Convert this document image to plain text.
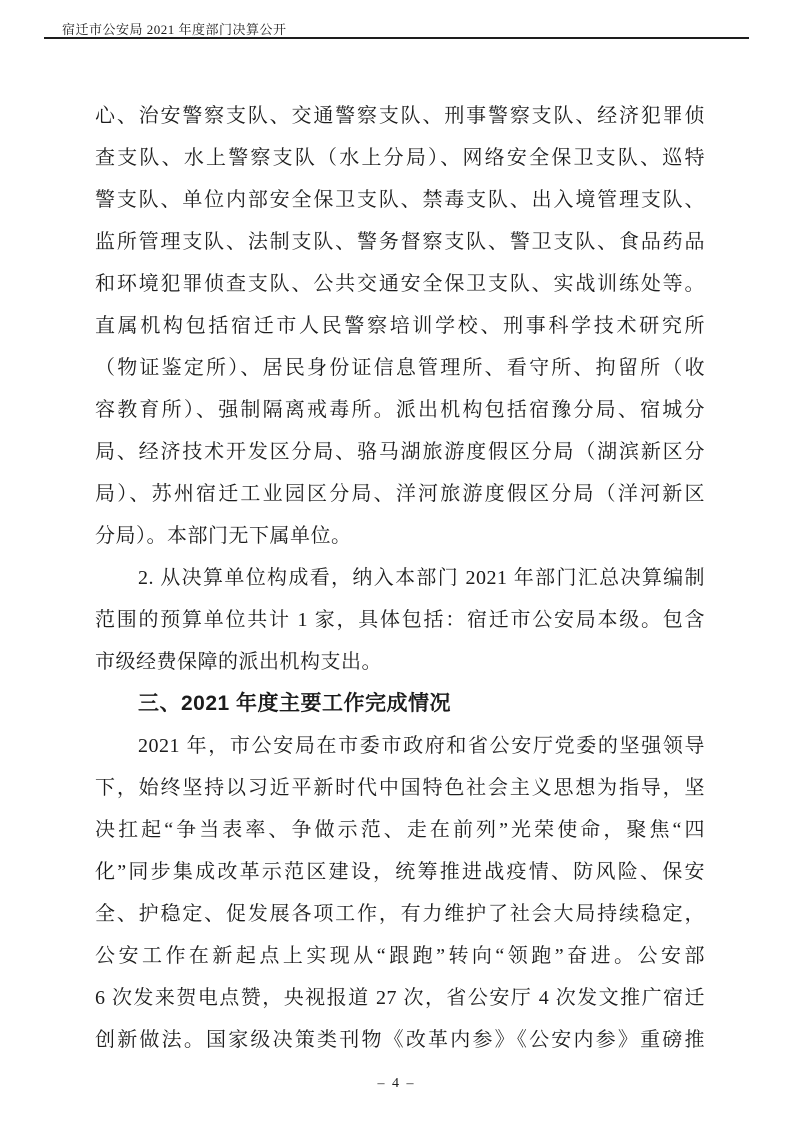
宿迁市公安局 2021 年度部门决算公开
心、治安警察支队、交通警察支队、刑事警察支队、经济犯罪侦
查支队、水上警察支队（水上分局）、网络安全保卫支队、巡特
警支队、单位内部安全保卫支队、禁毒支队、出入境管理支队、
监所管理支队、法制支队、警务督察支队、警卫支队、食品药品
和环境犯罪侦查支队、公共交通安全保卫支队、实战训练处等。
直属机构包括宿迁市人民警察培训学校、刑事科学技术研究所
（物证鉴定所）、居民身份证信息管理所、看守所、拘留所（收
容教育所）、强制隔离戒毒所。派出机构包括宿豫分局、宿城分
局、经济技术开发区分局、骆马湖旅游度假区分局（湖滨新区分
局）、苏州宿迁工业园区分局、洋河旅游度假区分局（洋河新区
分局）。本部门无下属单位。
2. 从决算单位构成看，纳入本部门 2021 年部门汇总决算编制
范围的预算单位共计 1 家，具体包括：宿迁市公安局本级。包含
市级经费保障的派出机构支出。
三、2021 年度主要工作完成情况
2021 年，市公安局在市委市政府和省公安厅党委的坚强领导
下，始终坚持以习近平新时代中国特色社会主义思想为指导，坚
决扛起“争当表率、争做示范、走在前列”光荣使命，聚焦“四
化”同步集成改革示范区建设，统筹推进战疫情、防风险、保安
全、护稳定、促发展各项工作，有力维护了社会大局持续稳定，
公安工作在新起点上实现从“跟跑”转向“领跑”奋进。公安部
6 次发来贺电点赞，央视报道 27 次，省公安厅 4 次发文推广宿迁
创新做法。国家级决策类刊物《改革内参》《公安内参》重磅推
– 4 –
